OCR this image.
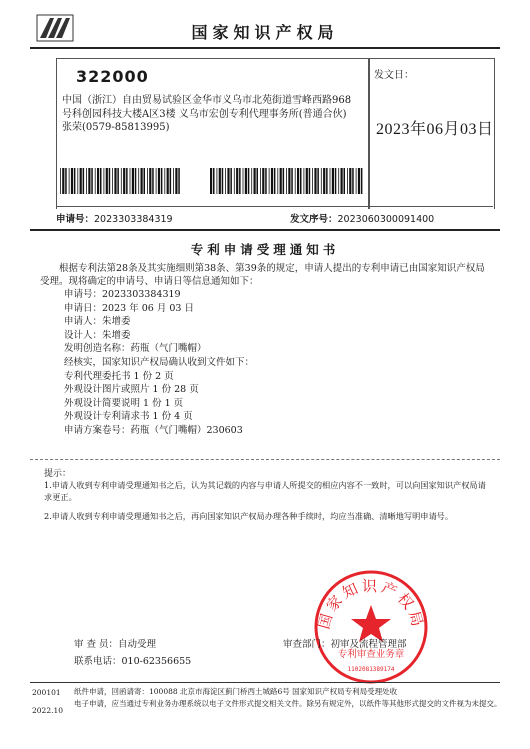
国家知识产权局
322000
中国（浙江）自由贸易试验区金华市义乌市北苑街道雪峰西路968
号科创园科技大楼A区3楼 义乌市宏创专利代理事务所(普通合伙)
张荣(0579-85813995)
发文日：
2023年06月03日
申请号：2023303384319	发文序号：2023060300091400
专利申请受理通知书
根据专利法第28条及其实施细则第38条、第39条的规定，申请人提出的专利申请已由国家知识产权局受理。现将确定的申请号、申请日等信息通知如下：
申请号：2023303384319
申请日：2023 年 06 月 03 日
申请人：朱增委
设计人：朱增委
发明创造名称：药瓶（气门嘴帽）
经核实，国家知识产权局确认收到文件如下：
专利代理委托书 1 份 2 页
外观设计图片或照片 1 份 28 页
外观设计简要说明 1 份 1 页
外观设计专利请求书 1 份 4 页
申请方案卷号：药瓶（气门嘴帽）230603
提示：
1.申请人收到专利申请受理通知书之后，认为其记载的内容与申请人所提交的相应内容不一致时，可以向国家知识产权局请求更正。
2.申请人收到专利申请受理通知书之后，再向国家知识产权局办理各种手续时，均应当准确、清晰地写明申请号。
国家知识产权局
专利审查业务章
1102081389174
审 查 员：自动受理
联系电话：010-62356655
审查部门：初审及流程管理部
200101
2022.10
纸件申请，回函请寄：100088 北京市海淀区蓟门桥西土城路6号 国家知识产权局专利局受理处收
电子申请，应当通过专利业务办理系统以电子文件形式提交相关文件。除另有规定外，以纸件等其他形式提交的文件视为未提交。
